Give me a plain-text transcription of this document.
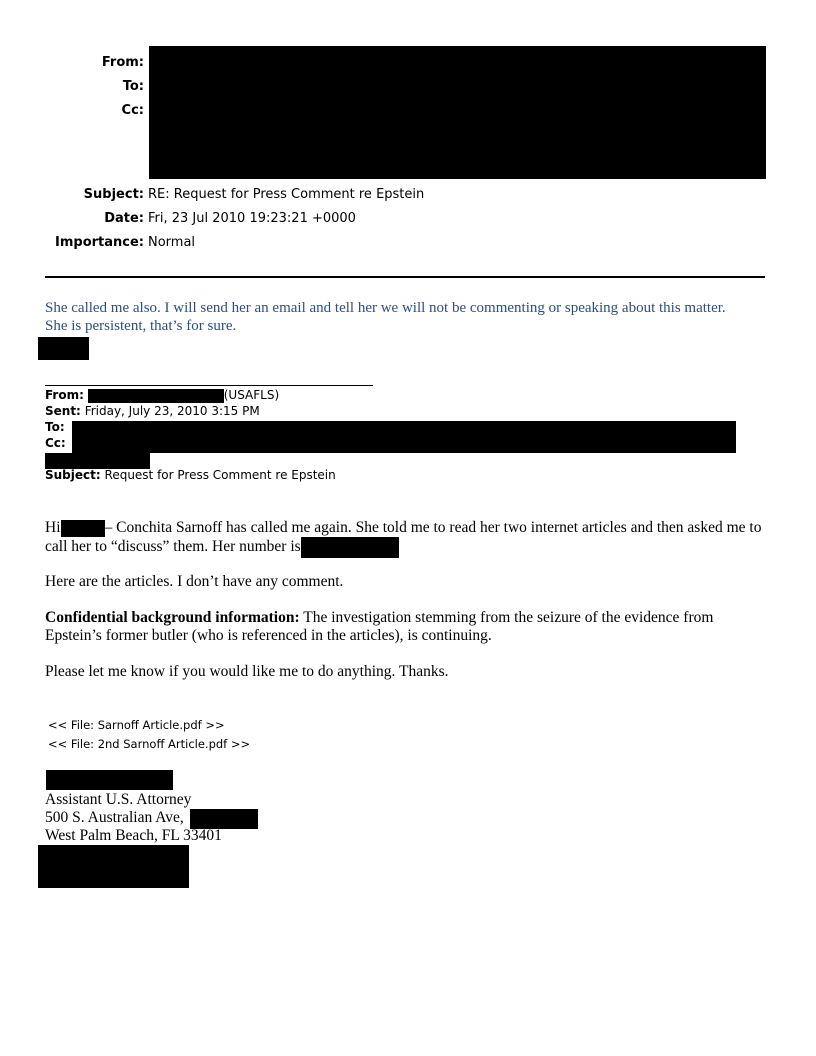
From:
To:
Cc:
Subject: RE: Request for Press Comment re Epstein
Date: Fri, 23 Jul 2010 19:23:21 +0000
Importance: Normal
She called me also. I will send her an email and tell her we will not be commenting or speaking about this matter. She is persistent, that’s for sure.
From:	(USAFLS)
Sent: Friday, July 23, 2010 3:15 PM
To:
Cc:
Subject: Request for Press Comment re Epstein
Hi	– Conchita Sarnoff has called me again. She told me to read her two internet articles and then asked me to call her to “discuss” them. Her number is
Here are the articles. I don’t have any comment.
Confidential background information: The investigation stemming from the seizure of the evidence from Epstein’s former butler (who is referenced in the articles), is continuing.
Please let me know if you would like me to do anything. Thanks.
<< File: Sarnoff Article.pdf >>
<< File: 2nd Sarnoff Article.pdf >>
Assistant U.S. Attorney
500 S. Australian Ave,
West Palm Beach, FL 33401
